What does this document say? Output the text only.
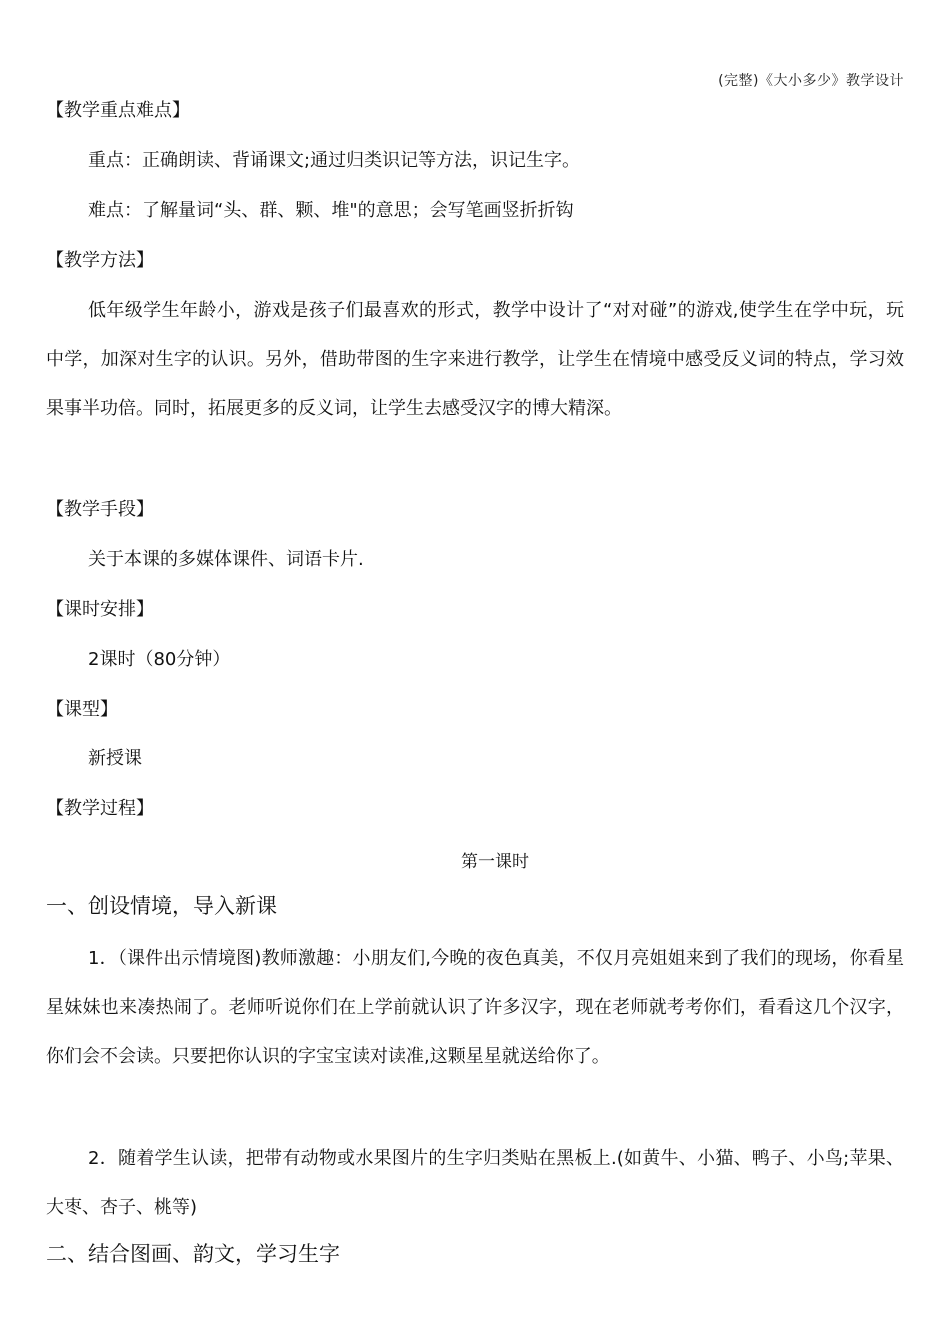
(完整)《大小多少》教学设计
【教学重点难点】
重点：正确朗读、背诵课文;通过归类识记等方法，识记生字。
难点：了解量词“头、群、颗、堆"的意思；会写笔画竖折折钩
【教学方法】

低年级学生年龄小，游戏是孩子们最喜欢的形式，教学中设计了“对对碰”的游戏,使学生在学中玩，玩中学，加深对生字的认识。另外，借助带图的生字来进行教学，让学生在情境中感受反义词的特点，学习效果事半功倍。同时，拓展更多的反义词，让学生去感受汉字的博大精深。

【教学手段】
关于本课的多媒体课件、词语卡片.
【课时安排】
2课时（80分钟）
【课型】
新授课
【教学过程】
第一课时
一、创设情境，导入新课

1．（课件出示情境图)教师激趣：小朋友们,今晚的夜色真美，不仅月亮姐姐来到了我们的现场，你看星星妹妹也来凑热闹了。老师听说你们在上学前就认识了许多汉字，现在老师就考考你们，看看这几个汉字，你们会不会读。只要把你认识的字宝宝读对读准,这颗星星就送给你了。

2．随着学生认读，把带有动物或水果图片的生字归类贴在黑板上.(如黄牛、小猫、鸭子、小鸟;苹果、大枣、杏子、桃等)

二、结合图画、韵文，学习生字
